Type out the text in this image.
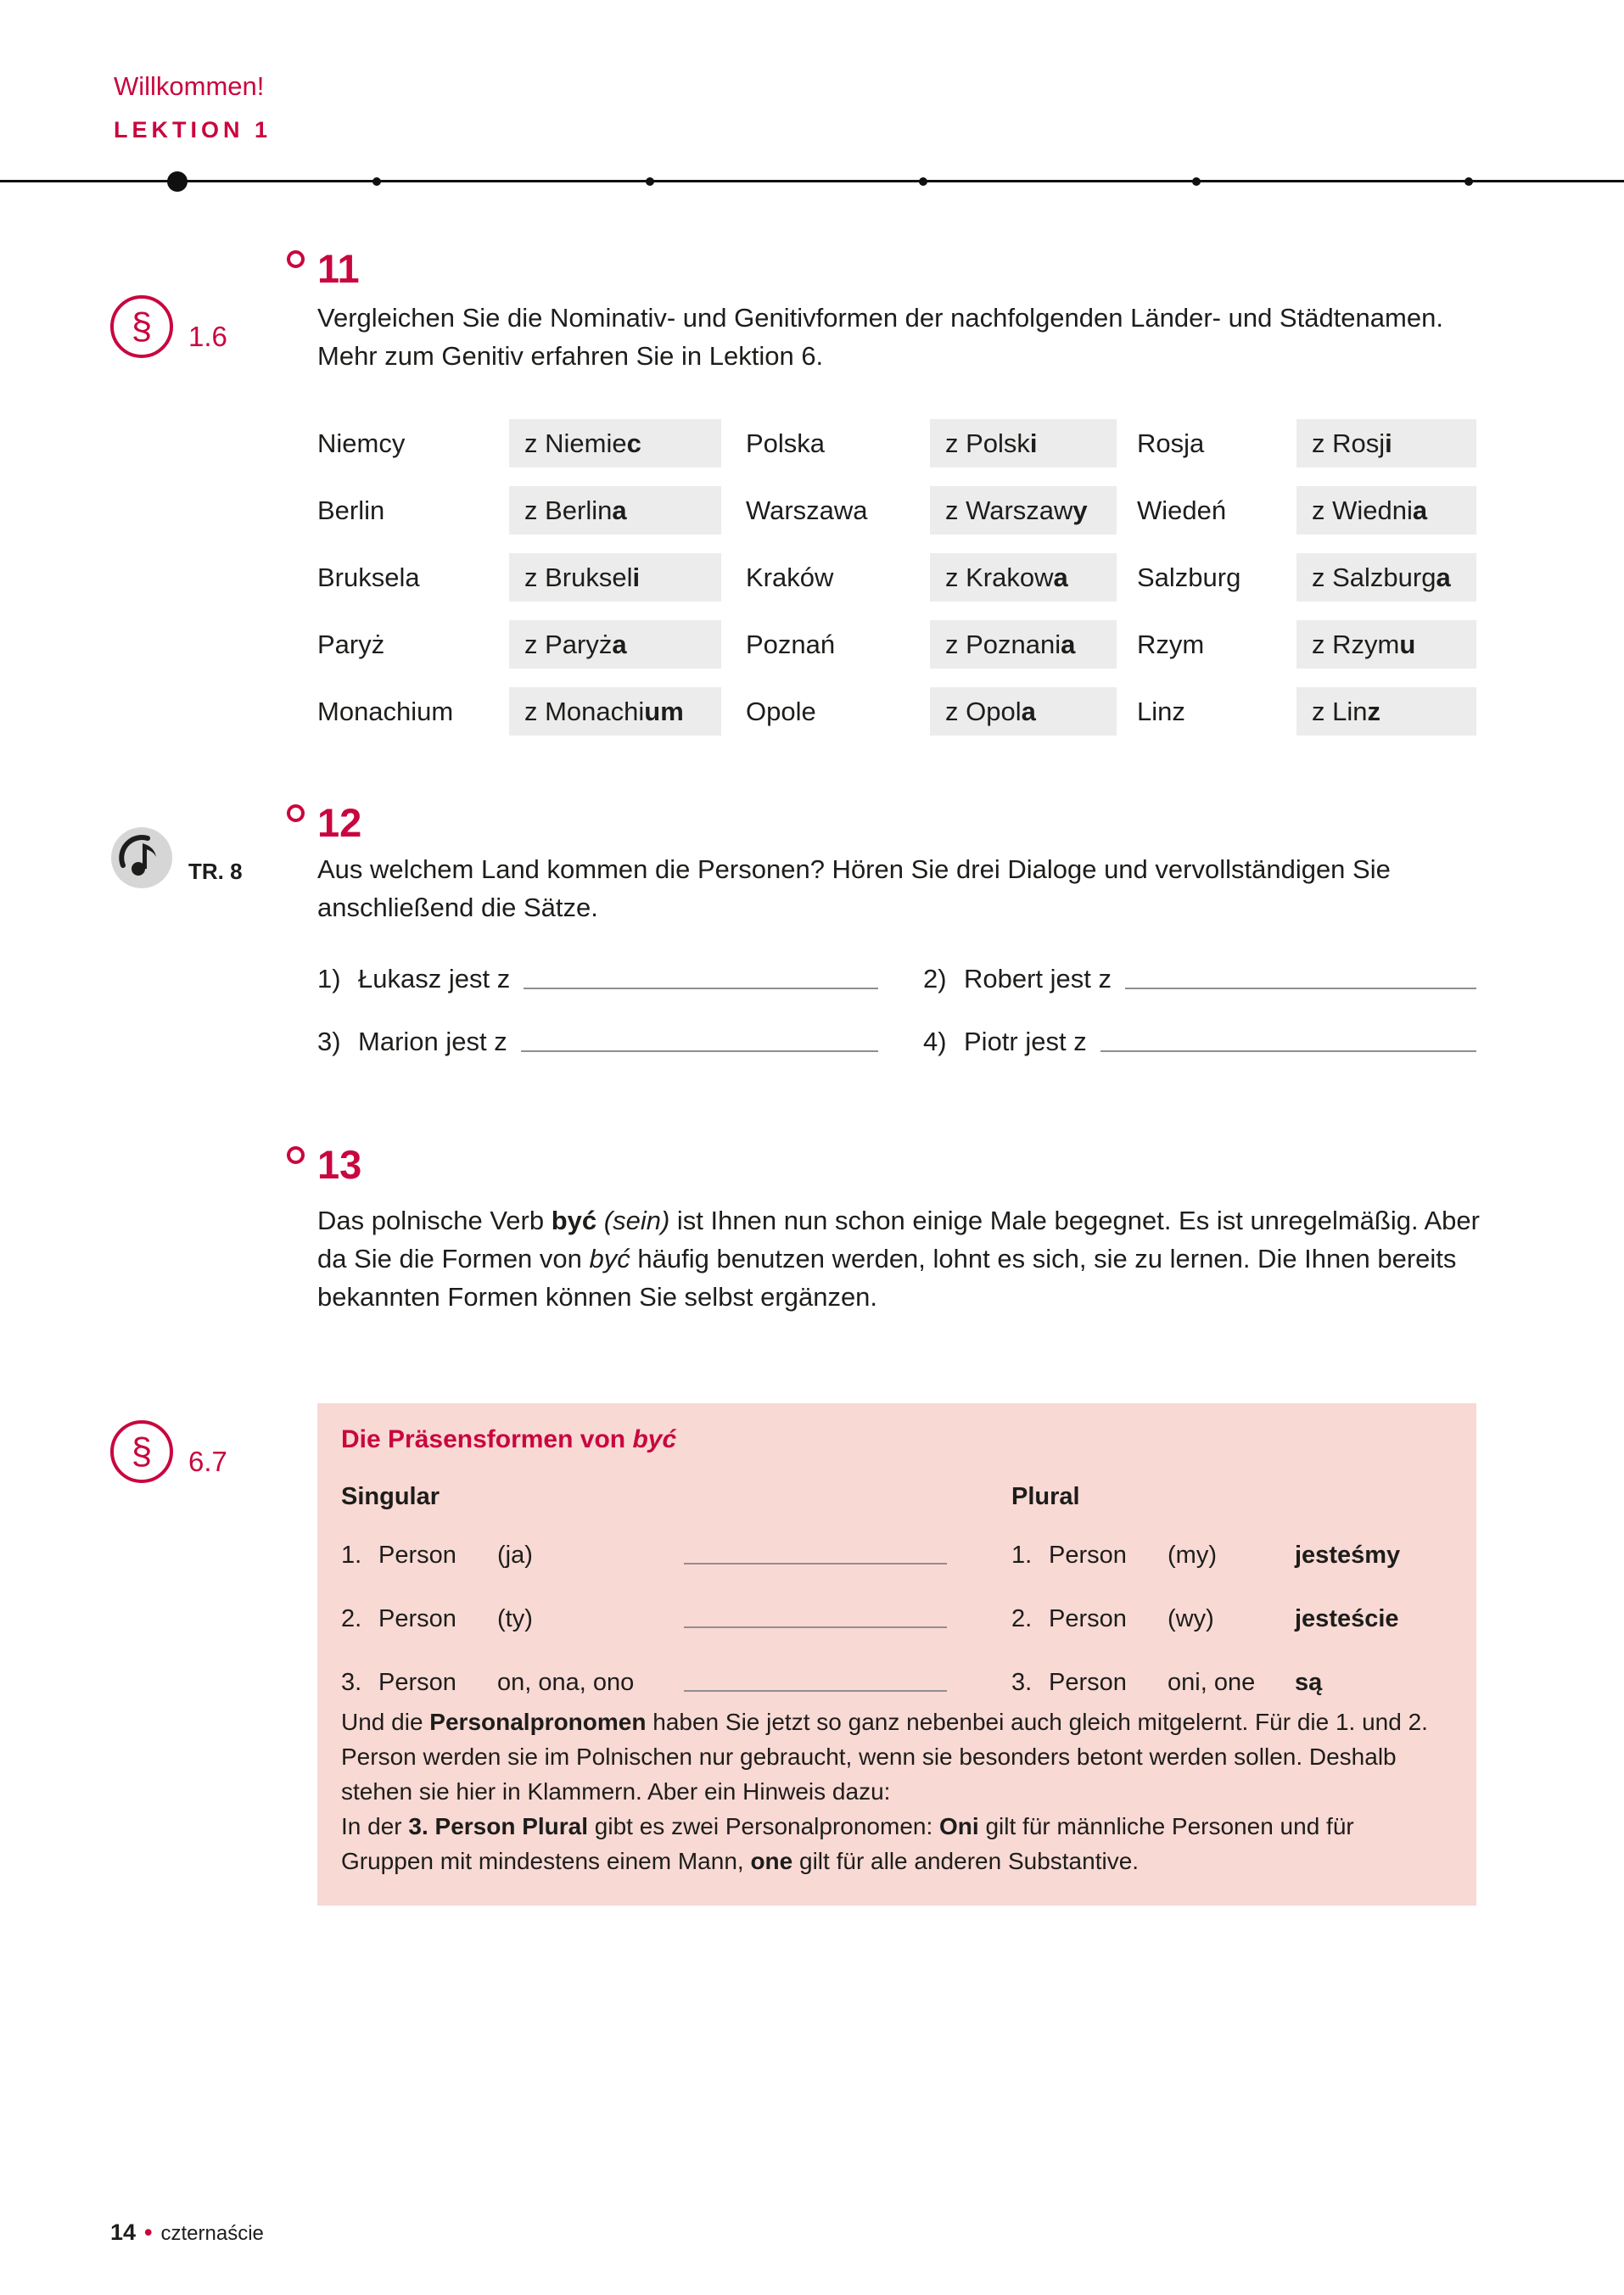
Willkommen!
LEKTION 1
11
§ 1.6
Vergleichen Sie die Nominativ- und Genitivformen der nachfolgenden Länder- und Städtenamen. Mehr zum Genitiv erfahren Sie in Lektion 6.
Niemcy	z Niemiec	Polska	z Polski	Rosja	z Rosji
Berlin	z Berlina	Warszawa	z Warszawy	Wiedeń	z Wiednia
Bruksela	z Brukseli	Kraków	z Krakowa	Salzburg	z Salzburga
Paryż	z Paryża	Poznań	z Poznania	Rzym	z Rzymu
Monachium	z Monachium	Opole	z Opola	Linz	z Linz
12
TR. 8	Aus welchem Land kommen die Personen? Hören Sie drei Dialoge und vervollständigen Sie anschließend die Sätze.
1) Łukasz jest z	2) Robert jest z
3) Marion jest z	4) Piotr jest z
13
Das polnische Verb być (sein) ist Ihnen nun schon einige Male begegnet. Es ist unregelmäßig. Aber da Sie die Formen von być häufig benutzen werden, lohnt es sich, sie zu lernen. Die Ihnen bereits bekannten Formen können Sie selbst ergänzen.
§ 6.7
Die Präsensformen von być
Singular
1. Person	(ja)
2. Person	(ty)
3. Person	on, ona, ono
Plural
1. Person	(my)	jesteśmy
2. Person	(wy)	jesteście
3. Person	oni, one	są
Und die Personalpronomen haben Sie jetzt so ganz nebenbei auch gleich mitgelernt. Für die 1. und 2. Person werden sie im Polnischen nur gebraucht, wenn sie besonders betont werden sollen. Deshalb stehen sie hier in Klammern. Aber ein Hinweis dazu:
In der 3. Person Plural gibt es zwei Personalpronomen: Oni gilt für männliche Personen und für Gruppen mit mindestens einem Mann, one gilt für alle anderen Substantive.
14 • czternaście
